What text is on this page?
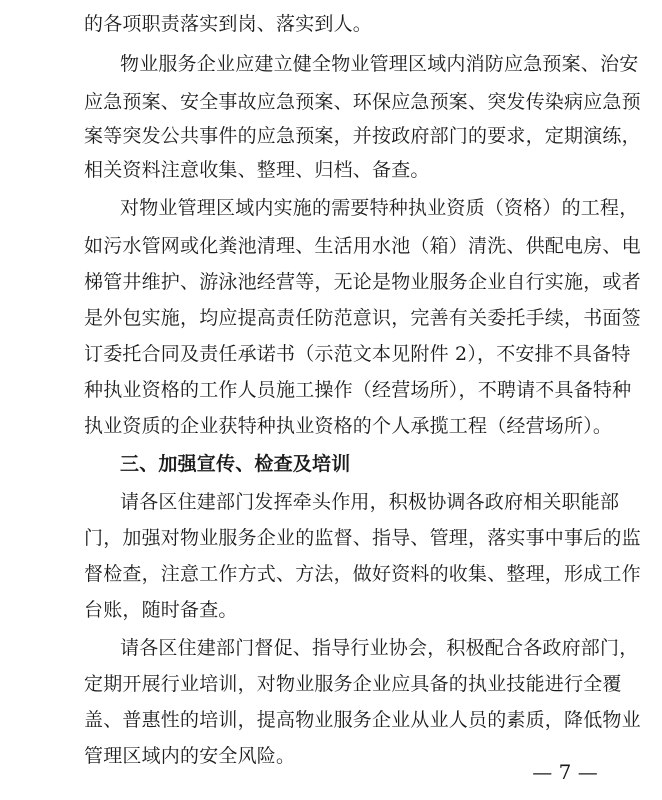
的各项职责落实到岗、落实到人。
物业服务企业应建立健全物业管理区域内消防应急预案、治安
应急预案、安全事故应急预案、环保应急预案、突发传染病应急预
案等突发公共事件的应急预案，并按政府部门的要求，定期演练，
相关资料注意收集、整理、归档、备查。
对物业管理区域内实施的需要特种执业资质（资格）的工程，
如污水管网或化粪池清理、生活用水池（箱）清洗、供配电房、电
梯管井维护、游泳池经营等，无论是物业服务企业自行实施，或者
是外包实施，均应提高责任防范意识，完善有关委托手续，书面签
订委托合同及责任承诺书（示范文本见附件 2），不安排不具备特
种执业资格的工作人员施工操作（经营场所），不聘请不具备特种
执业资质的企业获特种执业资格的个人承揽工程（经营场所）。
三、加强宣传、检查及培训
请各区住建部门发挥牵头作用，积极协调各政府相关职能部
门，加强对物业服务企业的监督、指导、管理，落实事中事后的监
督检查，注意工作方式、方法，做好资料的收集、整理，形成工作
台账，随时备查。
请各区住建部门督促、指导行业协会，积极配合各政府部门，
定期开展行业培训，对物业服务企业应具备的执业技能进行全覆
盖、普惠性的培训，提高物业服务企业从业人员的素质，降低物业
管理区域内的安全风险。
— 7 —
